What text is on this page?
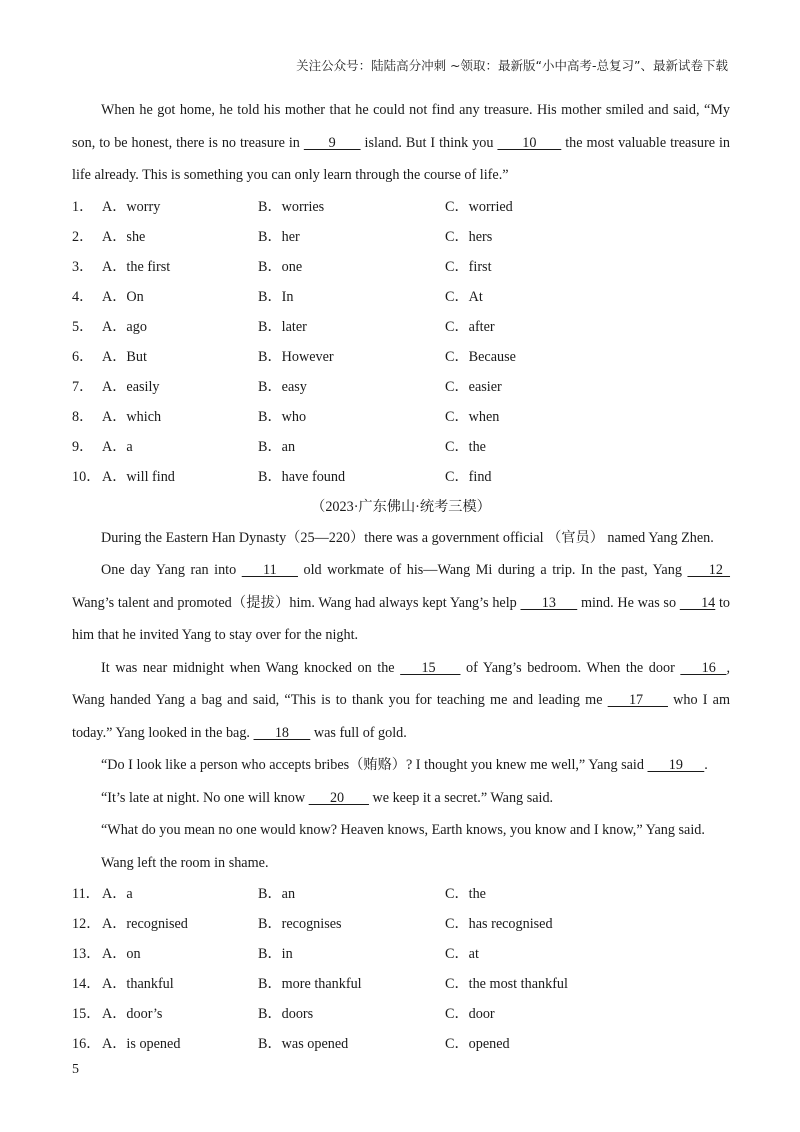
关注公众号：陆陆高分冲刺 ~领取：最新版“小中高考-总复习”、最新试卷下载
When he got home, he told his mother that he could not find any treasure. His mother smiled and said, “My son, to be honest, there is no treasure in        9        island. But I think you        10        the most valuable treasure in life already. This is something you can only learn through the course of life.”
1． A．worry	B．worries	C．worried
2． A．she	B．her	C．hers
3． A．the first	B．one	C．first
4． A．On	B．In	C．At
5． A．ago	B．later	C．after
6． A．But	B．However	C．Because
7． A．easily	B．easy	C．easier
8． A．which	B．who	C．when
9． A．a	B．an	C．the
10． A．will find	B．have found	C．find
（2023·广东佛山·统考三模）
During the Eastern Han Dynasty（25—220）there was a government official （官员） named Yang Zhen.
One day Yang ran into       11       old workmate of his—Wang Mi during a trip. In the past, Yang       12   Wang’s talent and promoted（提拔）him. Wang had always kept Yang’s help       13       mind. He was so       14 to him that he invited Yang to stay over for the night.
It was near midnight when Wang knocked on the       15        of Yang’s bedroom. When the door       16   , Wang handed Yang a bag and said, “This is to thank you for teaching me and leading me       17        who I am today.” Yang looked in the bag.       18       was full of gold.
“Do I look like a person who accepts bribes（贿赂）? I thought you knew me well,” Yang said       19      .
“It’s late at night. No one will know       20        we keep it a secret.” Wang said.
“What do you mean no one would know? Heaven knows, Earth knows, you know and I know,” Yang said.
Wang left the room in shame.
11． A．a	B．an	C．the
12． A．recognised	B．recognises	C．has recognised
13． A．on	B．in	C．at
14． A．thankful	B．more thankful	C．the most thankful
15． A．door’s	B．doors	C．door
16． A．is opened	B．was opened	C．opened
5
